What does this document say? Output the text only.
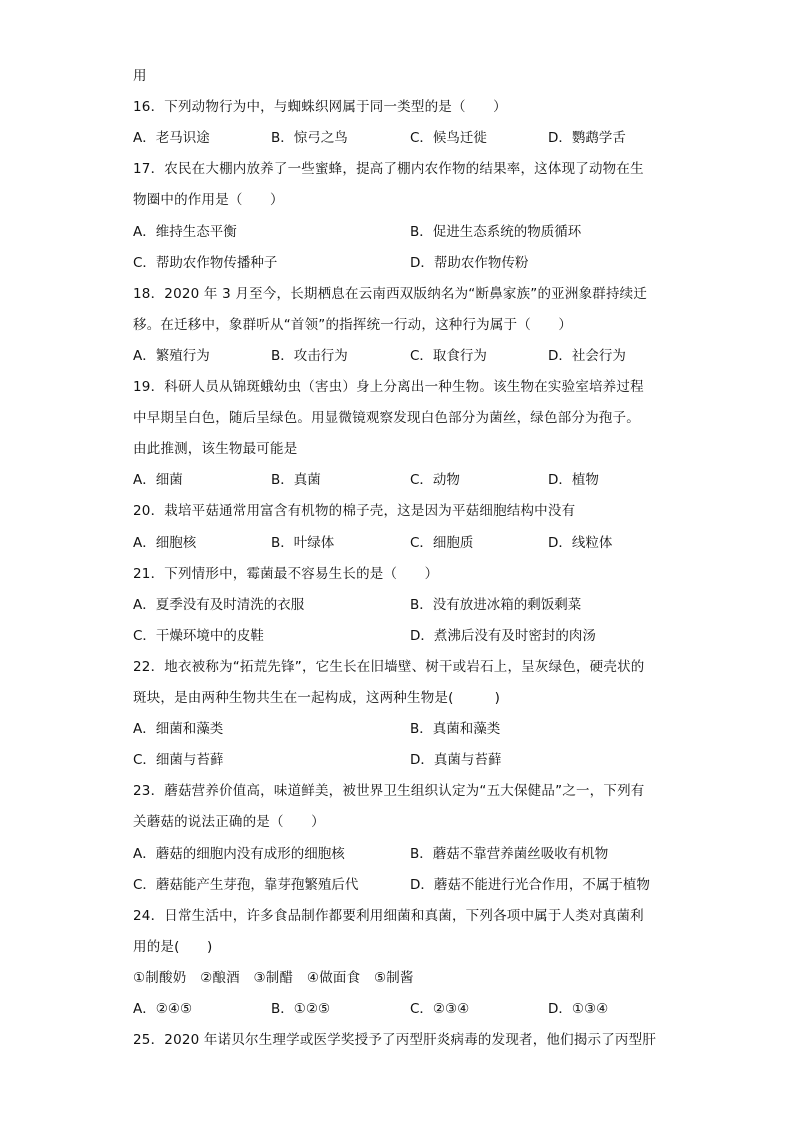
用
16．下列动物行为中，与蜘蛛织网属于同一类型的是（　　）
A．老马识途	B．惊弓之鸟	C．候鸟迁徙	D．鹦鹉学舌
17．农民在大棚内放养了一些蜜蜂，提高了棚内农作物的结果率，这体现了动物在生
物圈中的作用是（　　）
A．维持生态平衡	B．促进生态系统的物质循环
C．帮助农作物传播种子	D．帮助农作物传粉
18．2020 年 3 月至今，长期栖息在云南西双版纳名为“断鼻家族”的亚洲象群持续迁
移。在迁移中，象群听从“首领”的指挥统一行动，这种行为属于（　　）
A．繁殖行为	B．攻击行为	C．取食行为	D．社会行为
19．科研人员从锦斑蛾幼虫（害虫）身上分离出一种生物。该生物在实验室培养过程
中早期呈白色，随后呈绿色。用显微镜观察发现白色部分为菌丝，绿色部分为孢子。
由此推测，该生物最可能是
A．细菌	B．真菌	C．动物	D．植物
20．栽培平菇通常用富含有机物的棉子壳，这是因为平菇细胞结构中没有
A．细胞核	B．叶绿体	C．细胞质	D．线粒体
21．下列情形中，霉菌最不容易生长的是（　　）
A．夏季没有及时清洗的衣服	B．没有放进冰箱的剩饭剩菜
C．干燥环境中的皮鞋	D．煮沸后没有及时密封的肉汤
22．地衣被称为“拓荒先锋”，它生长在旧墙壁、树干或岩石上，呈灰绿色，硬壳状的
斑块，是由两种生物共生在一起构成，这两种生物是(　　　)
A．细菌和藻类	B．真菌和藻类
C．细菌与苔藓	D．真菌与苔藓
23．蘑菇营养价值高，味道鲜美，被世界卫生组织认定为“五大保健品”之一，下列有
关蘑菇的说法正确的是（　　）
A．蘑菇的细胞内没有成形的细胞核	B．蘑菇不靠营养菌丝吸收有机物
C．蘑菇能产生芽孢，靠芽孢繁殖后代	D．蘑菇不能进行光合作用，不属于植物
24．日常生活中，许多食品制作都要利用细菌和真菌，下列各项中属于人类对真菌利
用的是(　　)
①制酸奶　②酿酒　③制醋　④做面食　⑤制酱
A．②④⑤	B．①②⑤	C．②③④	D．①③④
25．2020 年诺贝尔生理学或医学奖授予了丙型肝炎病毒的发现者，他们揭示了丙型肝
